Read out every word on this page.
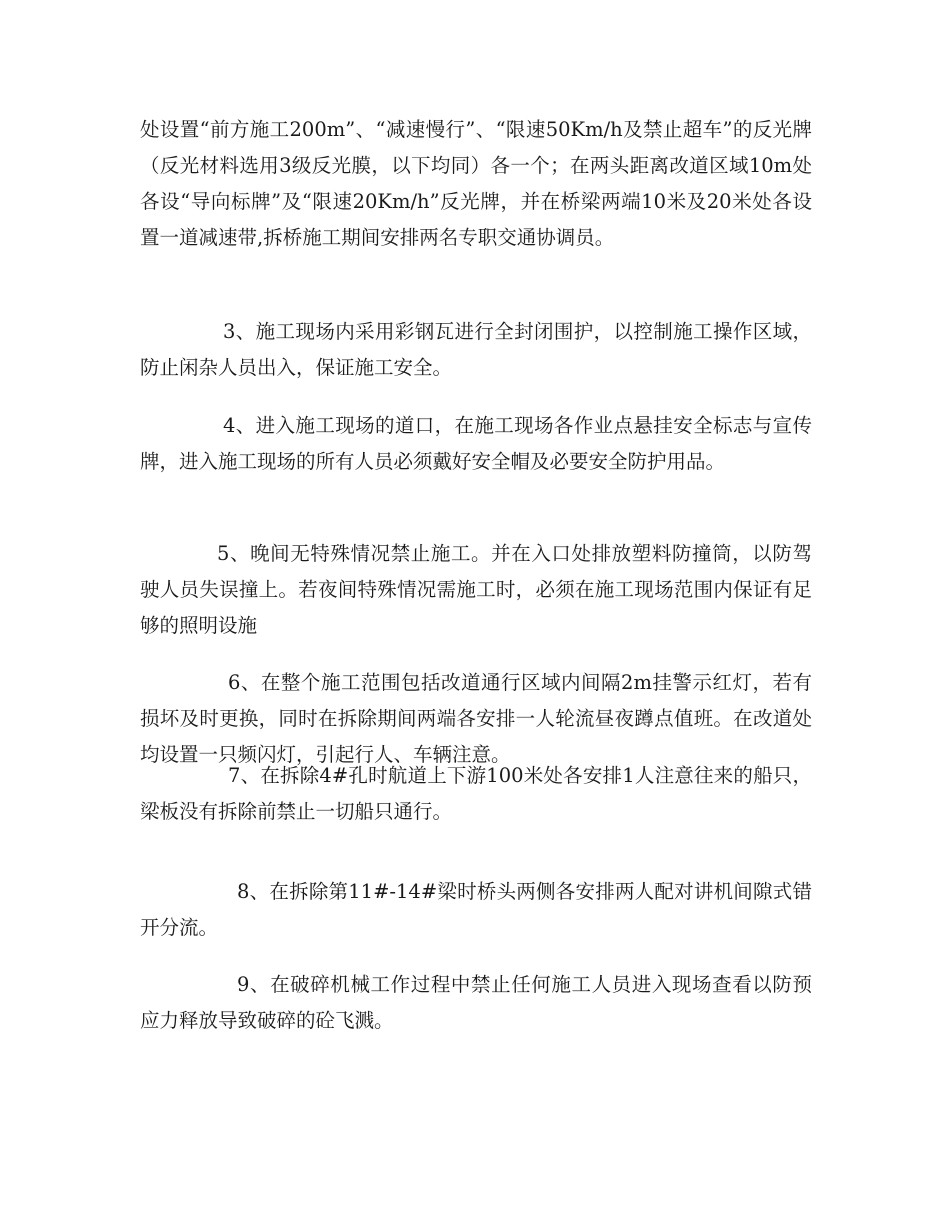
处设置“前方施工200m”、“减速慢行”、“限速50Km/h及禁止超车”的反光牌（反光材料选用3级反光膜，以下均同）各一个；在两头距离改道区域10m处各设“导向标牌”及“限速20Km/h”反光牌，并在桥梁两端10米及20米处各设置一道减速带,拆桥施工期间安排两名专职交通协调员。

3、施工现场内采用彩钢瓦进行全封闭围护，以控制施工操作区域，防止闲杂人员出入，保证施工安全。

4、进入施工现场的道口，在施工现场各作业点悬挂安全标志与宣传牌，进入施工现场的所有人员必须戴好安全帽及必要安全防护用品。

5、晚间无特殊情况禁止施工。并在入口处排放塑料防撞筒，以防驾驶人员失误撞上。若夜间特殊情况需施工时，必须在施工现场范围内保证有足够的照明设施

6、在整个施工范围包括改道通行区域内间隔2m挂警示红灯，若有损坏及时更换，同时在拆除期间两端各安排一人轮流昼夜蹲点值班。在改道处均设置一只频闪灯，引起行人、车辆注意。

7、在拆除4#孔时航道上下游100米处各安排1人注意往来的船只，梁板没有拆除前禁止一切船只通行。

8、在拆除第11#-14#梁时桥头两侧各安排两人配对讲机间隙式错开分流。

9、在破碎机械工作过程中禁止任何施工人员进入现场查看以防预应力释放导致破碎的砼飞溅。
